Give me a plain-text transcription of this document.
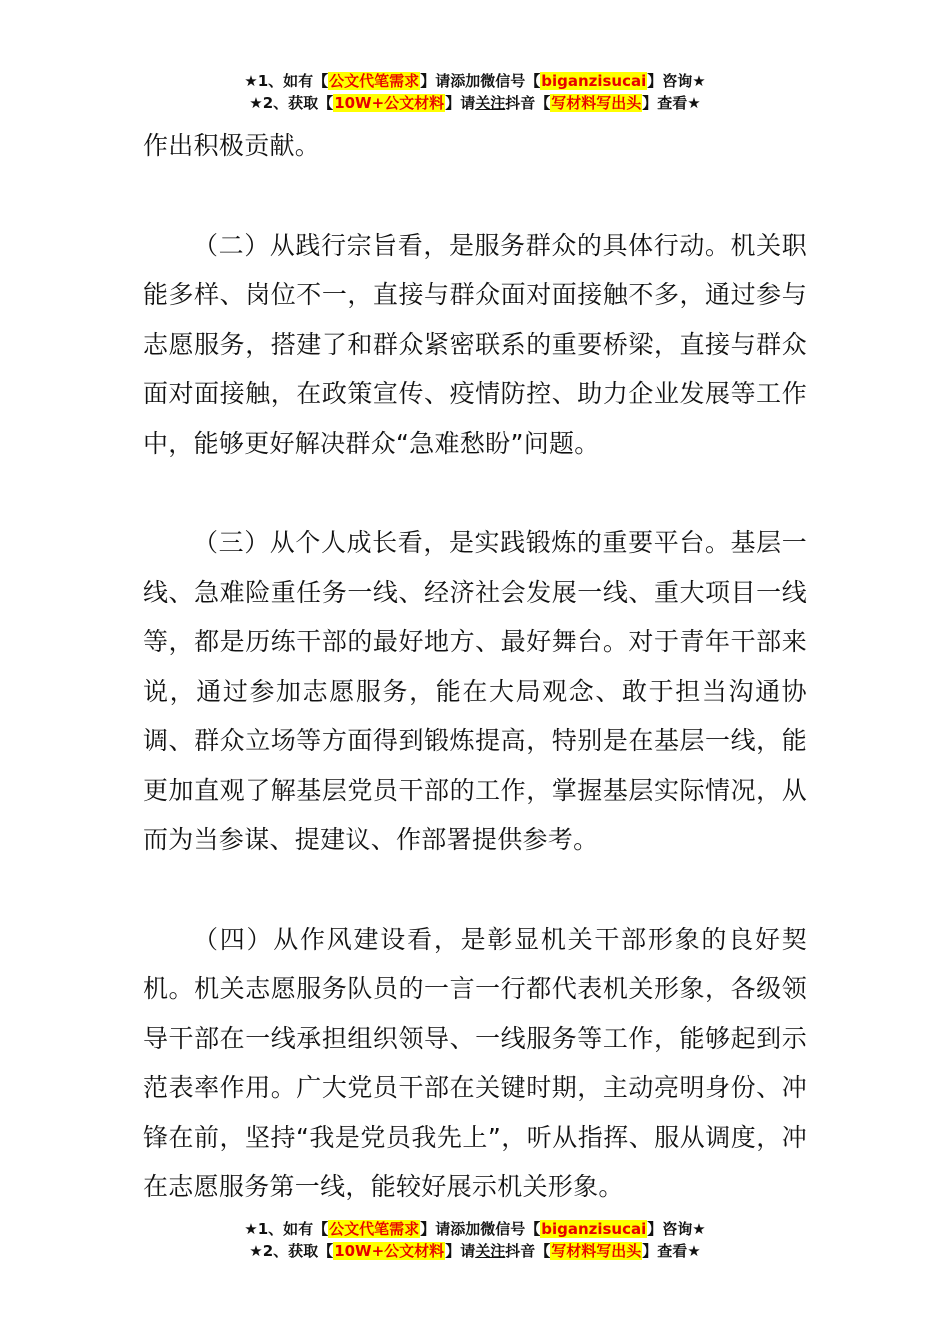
★1、如有【公文代笔需求】请添加微信号【biganzisucai】咨询★
★2、获取【10W+公文材料】请关注抖音【写材料写出头】查看★

作出积极贡献。

（二）从践行宗旨看，是服务群众的具体行动。机关职能多样、岗位不一，直接与群众面对面接触不多，通过参与志愿服务，搭建了和群众紧密联系的重要桥梁，直接与群众面对面接触，在政策宣传、疫情防控、助力企业发展等工作中，能够更好解决群众“急难愁盼”问题。

（三）从个人成长看，是实践锻炼的重要平台。基层一线、急难险重任务一线、经济社会发展一线、重大项目一线等，都是历练干部的最好地方、最好舞台。对于青年干部来说，通过参加志愿服务，能在大局观念、敢于担当沟通协调、群众立场等方面得到锻炼提高，特别是在基层一线，能更加直观了解基层党员干部的工作，掌握基层实际情况，从而为当参谋、提建议、作部署提供参考。

（四）从作风建设看，是彰显机关干部形象的良好契机。机关志愿服务队员的一言一行都代表机关形象，各级领导干部在一线承担组织领导、一线服务等工作，能够起到示范表率作用。广大党员干部在关键时期，主动亮明身份、冲锋在前，坚持“我是党员我先上”，听从指挥、服从调度，冲在志愿服务第一线，能较好展示机关形象。

★1、如有【公文代笔需求】请添加微信号【biganzisucai】咨询★
★2、获取【10W+公文材料】请关注抖音【写材料写出头】查看★
